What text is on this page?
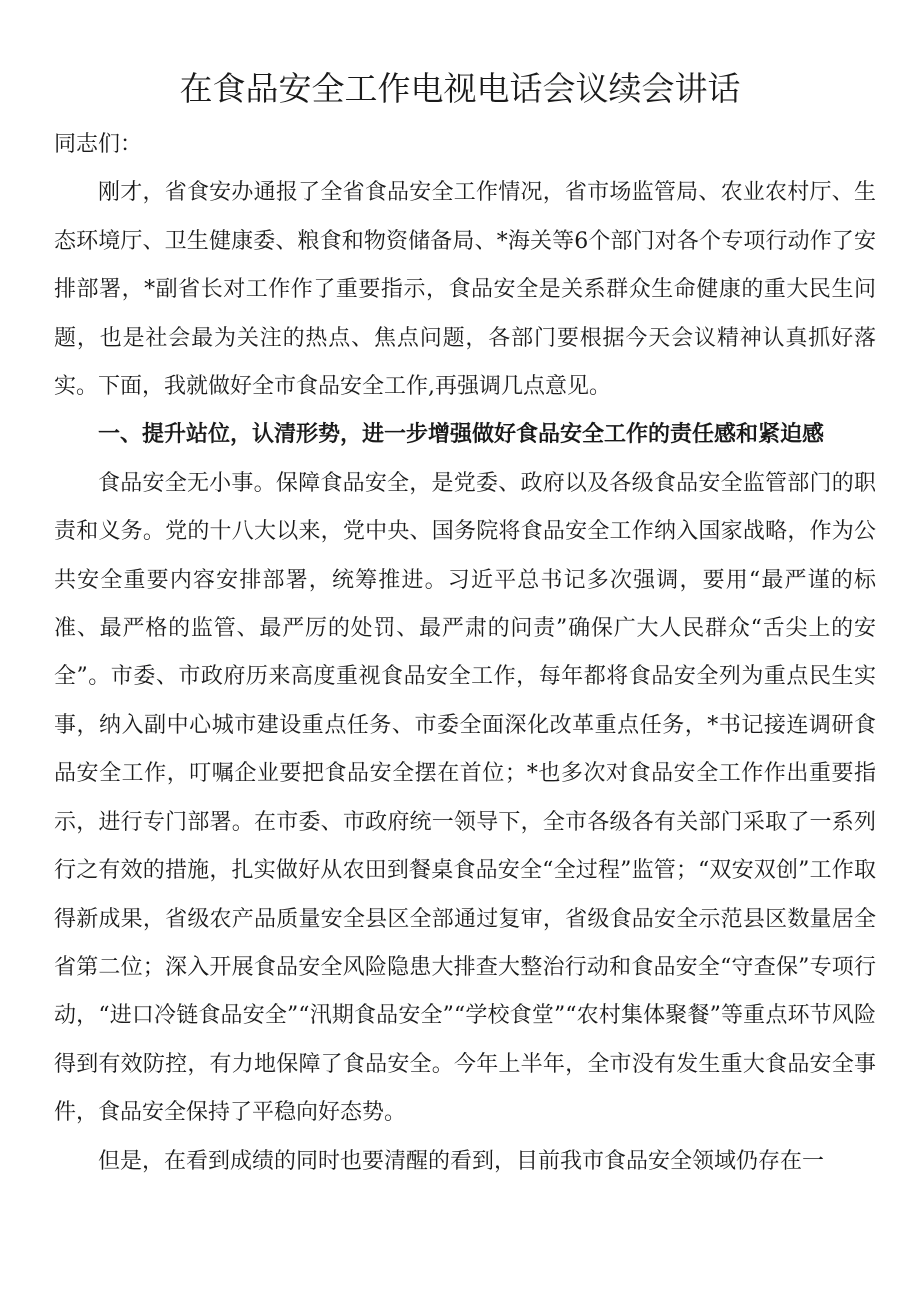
在食品安全工作电视电话会议续会讲话

同志们：

刚才，省食安办通报了全省食品安全工作情况，省市场监管局、农业农村厅、生态环境厅、卫生健康委、粮食和物资储备局、*海关等6个部门对各个专项行动作了安排部署，*副省长对工作作了重要指示，食品安全是关系群众生命健康的重大民生问题，也是社会最为关注的热点、焦点问题，各部门要根据今天会议精神认真抓好落实。下面，我就做好全市食品安全工作,再强调几点意见。

一、提升站位，认清形势，进一步增强做好食品安全工作的责任感和紧迫感

食品安全无小事。保障食品安全，是党委、政府以及各级食品安全监管部门的职责和义务。党的十八大以来，党中央、国务院将食品安全工作纳入国家战略，作为公共安全重要内容安排部署，统筹推进。习近平总书记多次强调，要用“最严谨的标准、最严格的监管、最严厉的处罚、最严肃的问责”确保广大人民群众“舌尖上的安全”。市委、市政府历来高度重视食品安全工作，每年都将食品安全列为重点民生实事，纳入副中心城市建设重点任务、市委全面深化改革重点任务，*书记接连调研食品安全工作，叮嘱企业要把食品安全摆在首位；*也多次对食品安全工作作出重要指示，进行专门部署。在市委、市政府统一领导下，全市各级各有关部门采取了一系列行之有效的措施，扎实做好从农田到餐桌食品安全“全过程”监管；“双安双创”工作取得新成果，省级农产品质量安全县区全部通过复审，省级食品安全示范县区数量居全省第二位；深入开展食品安全风险隐患大排查大整治行动和食品安全“守查保”专项行动，“进口冷链食品安全”“汛期食品安全”“学校食堂”“农村集体聚餐”等重点环节风险得到有效防控，有力地保障了食品安全。今年上半年，全市没有发生重大食品安全事件，食品安全保持了平稳向好态势。

但是，在看到成绩的同时也要清醒的看到，目前我市食品安全领域仍存在一
